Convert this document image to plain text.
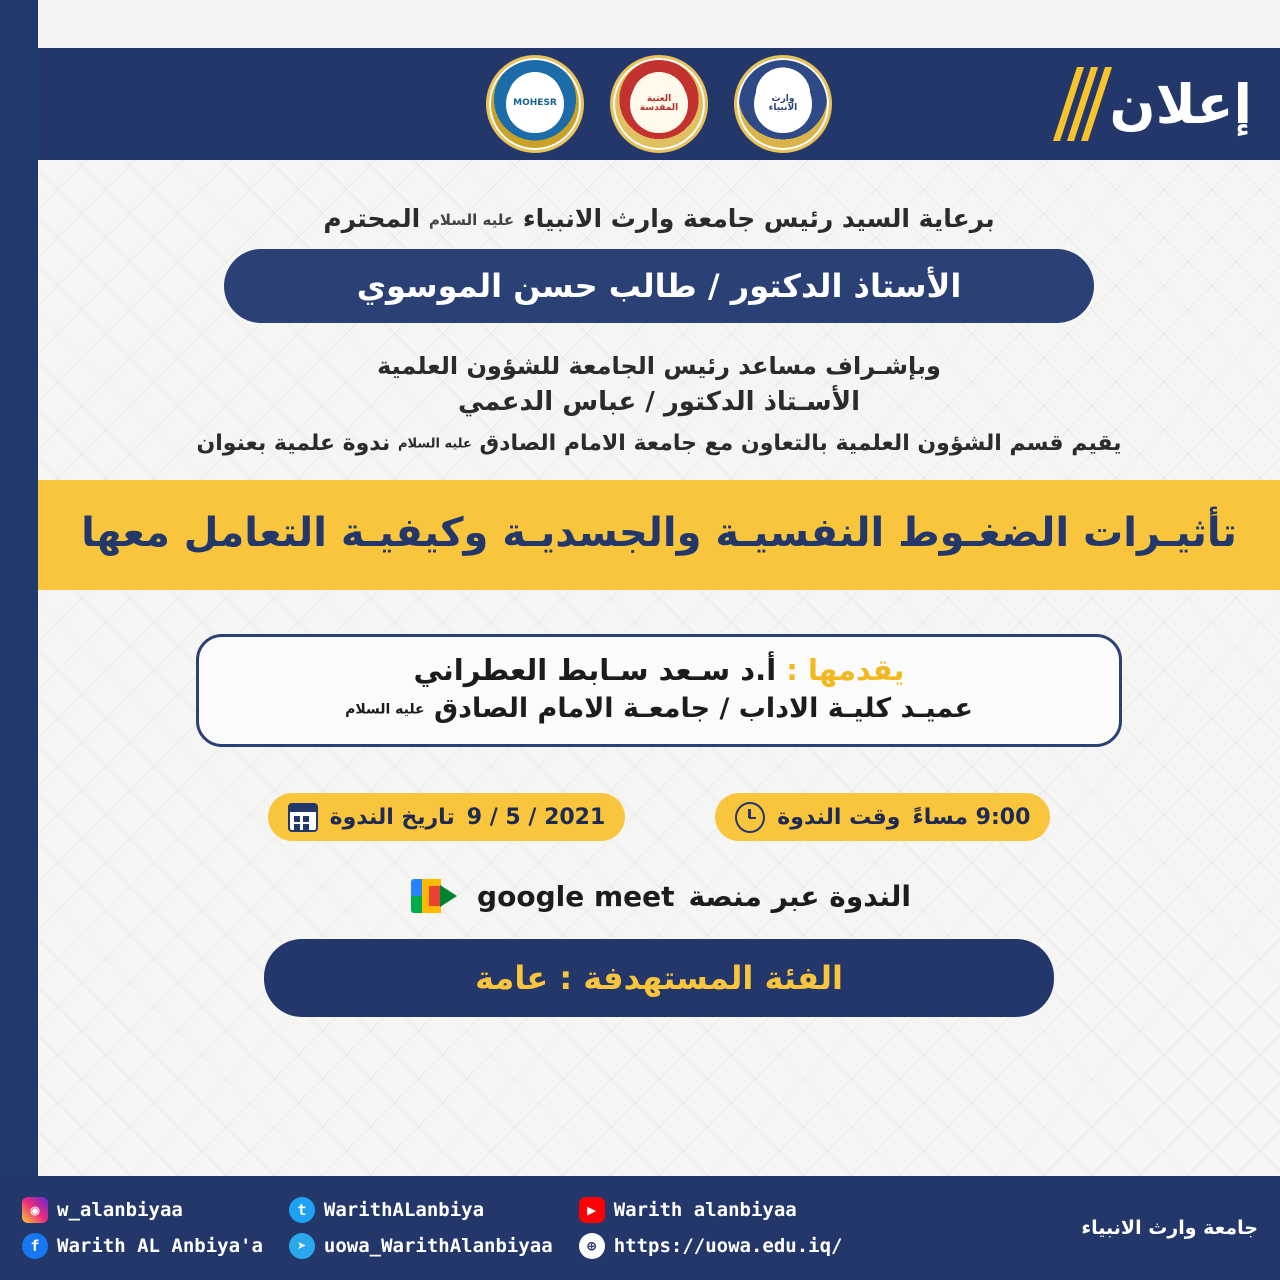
إعلان
وارث
الانبياء
العتبة
المقدسة
MOHESR
برعاية السيد رئيس جامعة وارث الانبياء عليه السلام المحترم
الأستاذ الدكتور / طالب حسن الموسوي
وبإشـراف مساعد رئيس الجامعة للشؤون العلمية
الأسـتاذ الدكتور / عباس الدعمي
يقيم قسم الشؤون العلمية بالتعاون مع جامعة الامام الصادق عليه السلام ندوة علمية بعنوان
تأثيـرات الضغـوط النفسيـة والجسديـة وكيفيـة التعامل معها
يقدمها : أ.د سـعد سـابط العطراني
عميـد كليـة الاداب / جامعـة الامام الصادق عليه السلام
9:00 مساءً
وقت الندوة
2021 / 5 / 9
تاريخ الندوة
الندوة عبر منصة
google meet
الفئة المستهدفة : عامة
جامعة وارث الانبياء
◉ w_alanbiyaa
f Warith AL Anbiya'a
t WarithALanbiya
➤ uowa_WarithAlanbiyaa
▶ Warith alanbiyaa
⊕ https://uowa.edu.iq/
